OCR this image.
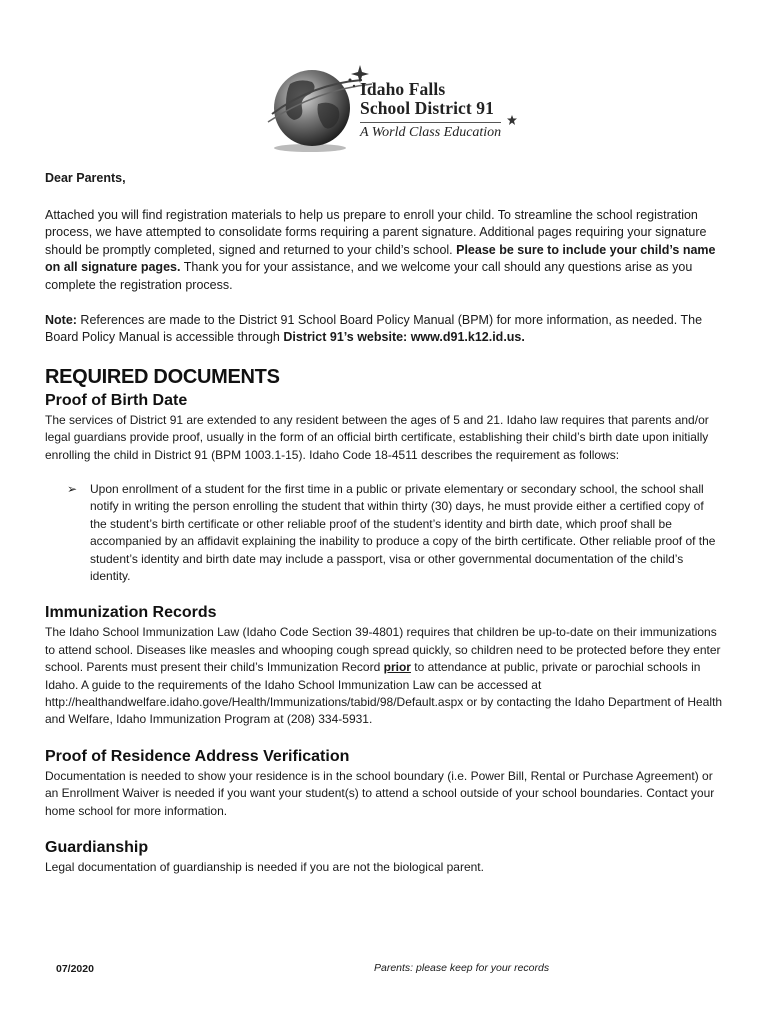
Idaho Falls
School District 91
A World Class Education

Dear Parents,

Attached you will find registration materials to help us prepare to enroll your child. To streamline the school registration process, we have attempted to consolidate forms requiring a parent signature. Additional pages requiring your signature should be promptly completed, signed and returned to your child’s school. Please be sure to include your child’s name on all signature pages. Thank you for your assistance, and we welcome your call should any questions arise as you complete the registration process.

Note: References are made to the District 91 School Board Policy Manual (BPM) for more information, as needed. The Board Policy Manual is accessible through District 91’s website: www.d91.k12.id.us.

REQUIRED DOCUMENTS
Proof of Birth Date

The services of District 91 are extended to any resident between the ages of 5 and 21. Idaho law requires that parents and/or legal guardians provide proof, usually in the form of an official birth certificate, establishing their child’s birth date upon initially enrolling the child in District 91 (BPM 1003.1-15). Idaho Code 18-4511 describes the requirement as follows:

➢ Upon enrollment of a student for the first time in a public or private elementary or secondary school, the school shall notify in writing the person enrolling the student that within thirty (30) days, he must provide either a certified copy of the student’s birth certificate or other reliable proof of the student’s identity and birth date, which proof shall be accompanied by an affidavit explaining the inability to produce a copy of the birth certificate. Other reliable proof of the student’s identity and birth date may include a passport, visa or other governmental documentation of the child’s identity.
Immunization Records

The Idaho School Immunization Law (Idaho Code Section 39-4801) requires that children be up-to-date on their immunizations to attend school. Diseases like measles and whooping cough spread quickly, so children need to be protected before they enter school. Parents must present their child’s Immunization Record prior to attendance at public, private or parochial schools in Idaho. A guide to the requirements of the Idaho School Immunization Law can be accessed at http://healthandwelfare.idaho.gove/Health/Immunizations/tabid/98/Default.aspx or by contacting the Idaho Department of Health and Welfare, Idaho Immunization Program at (208) 334-5931.

Proof of Residence Address Verification

Documentation is needed to show your residence is in the school boundary (i.e. Power Bill, Rental or Purchase Agreement) or an Enrollment Waiver is needed if you want your student(s) to attend a school outside of your school boundaries. Contact your home school for more information.

Guardianship

Legal documentation of guardianship is needed if you are not the biological parent.

07/2020	Parents: please keep for your records
